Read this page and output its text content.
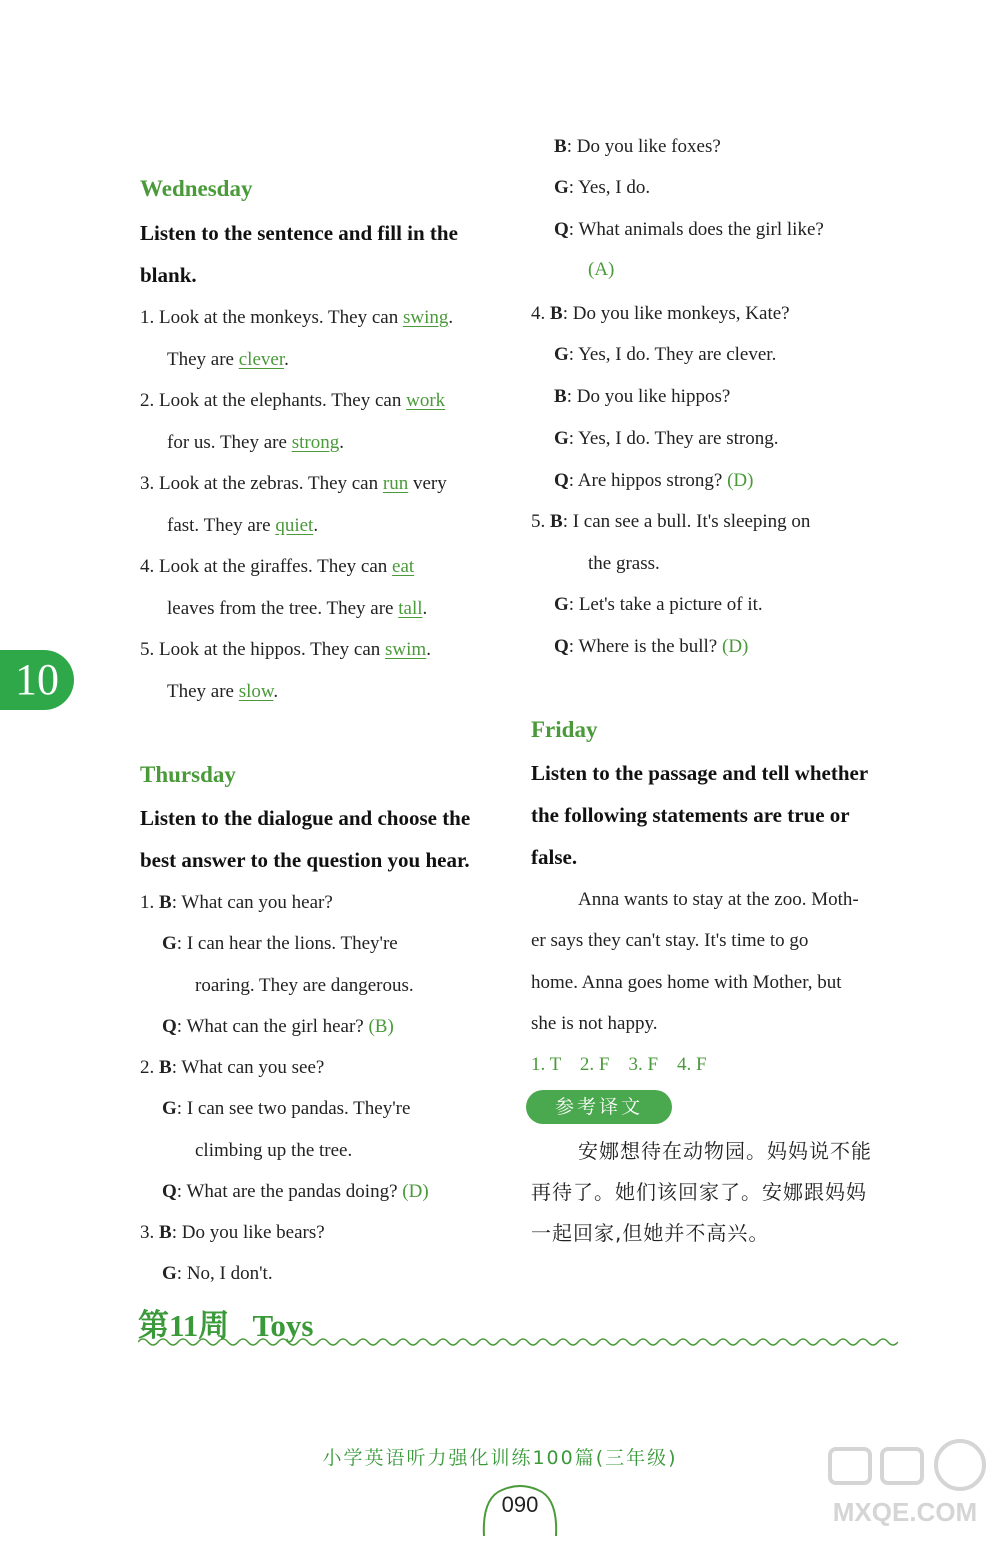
10
Wednesday
Listen to the sentence and fill in the
blank.
1. Look at the monkeys. They can swing.
They are clever.
2. Look at the elephants. They can work
for us. They are strong.
3. Look at the zebras. They can run very
fast. They are quiet.
4. Look at the giraffes. They can eat
leaves from the tree. They are tall.
5. Look at the hippos. They can swim.
They are slow.
Thursday
Listen to the dialogue and choose the
best answer to the question you hear.
1. B: What can you hear?
G: I can hear the lions. They're
roaring. They are dangerous.
Q: What can the girl hear? (B)
2. B: What can you see?
G: I can see two pandas. They're
climbing up the tree.
Q: What are the pandas doing? (D)
3. B: Do you like bears?
G: No, I don't.
B: Do you like foxes?
G: Yes, I do.
Q: What animals does the girl like?
(A)
4. B: Do you like monkeys, Kate?
G: Yes, I do. They are clever.
B: Do you like hippos?
G: Yes, I do. They are strong.
Q: Are hippos strong? (D)
5. B: I can see a bull. It's sleeping on
the grass.
G: Let's take a picture of it.
Q: Where is the bull? (D)
Friday
Listen to the passage and tell whether
the following statements are true or
false.
Anna wants to stay at the zoo. Moth-
er says they can't stay. It's time to go
home. Anna goes home with Mother, but
she is not happy.
1. T    2. F    3. F    4. F
参考译文
安娜想待在动物园。妈妈说不能
再待了。她们该回家了。安娜跟妈妈
一起回家,但她并不高兴。
第11周   Toys
小学英语听力强化训练100篇(三年级)
090	MXQE.COM
